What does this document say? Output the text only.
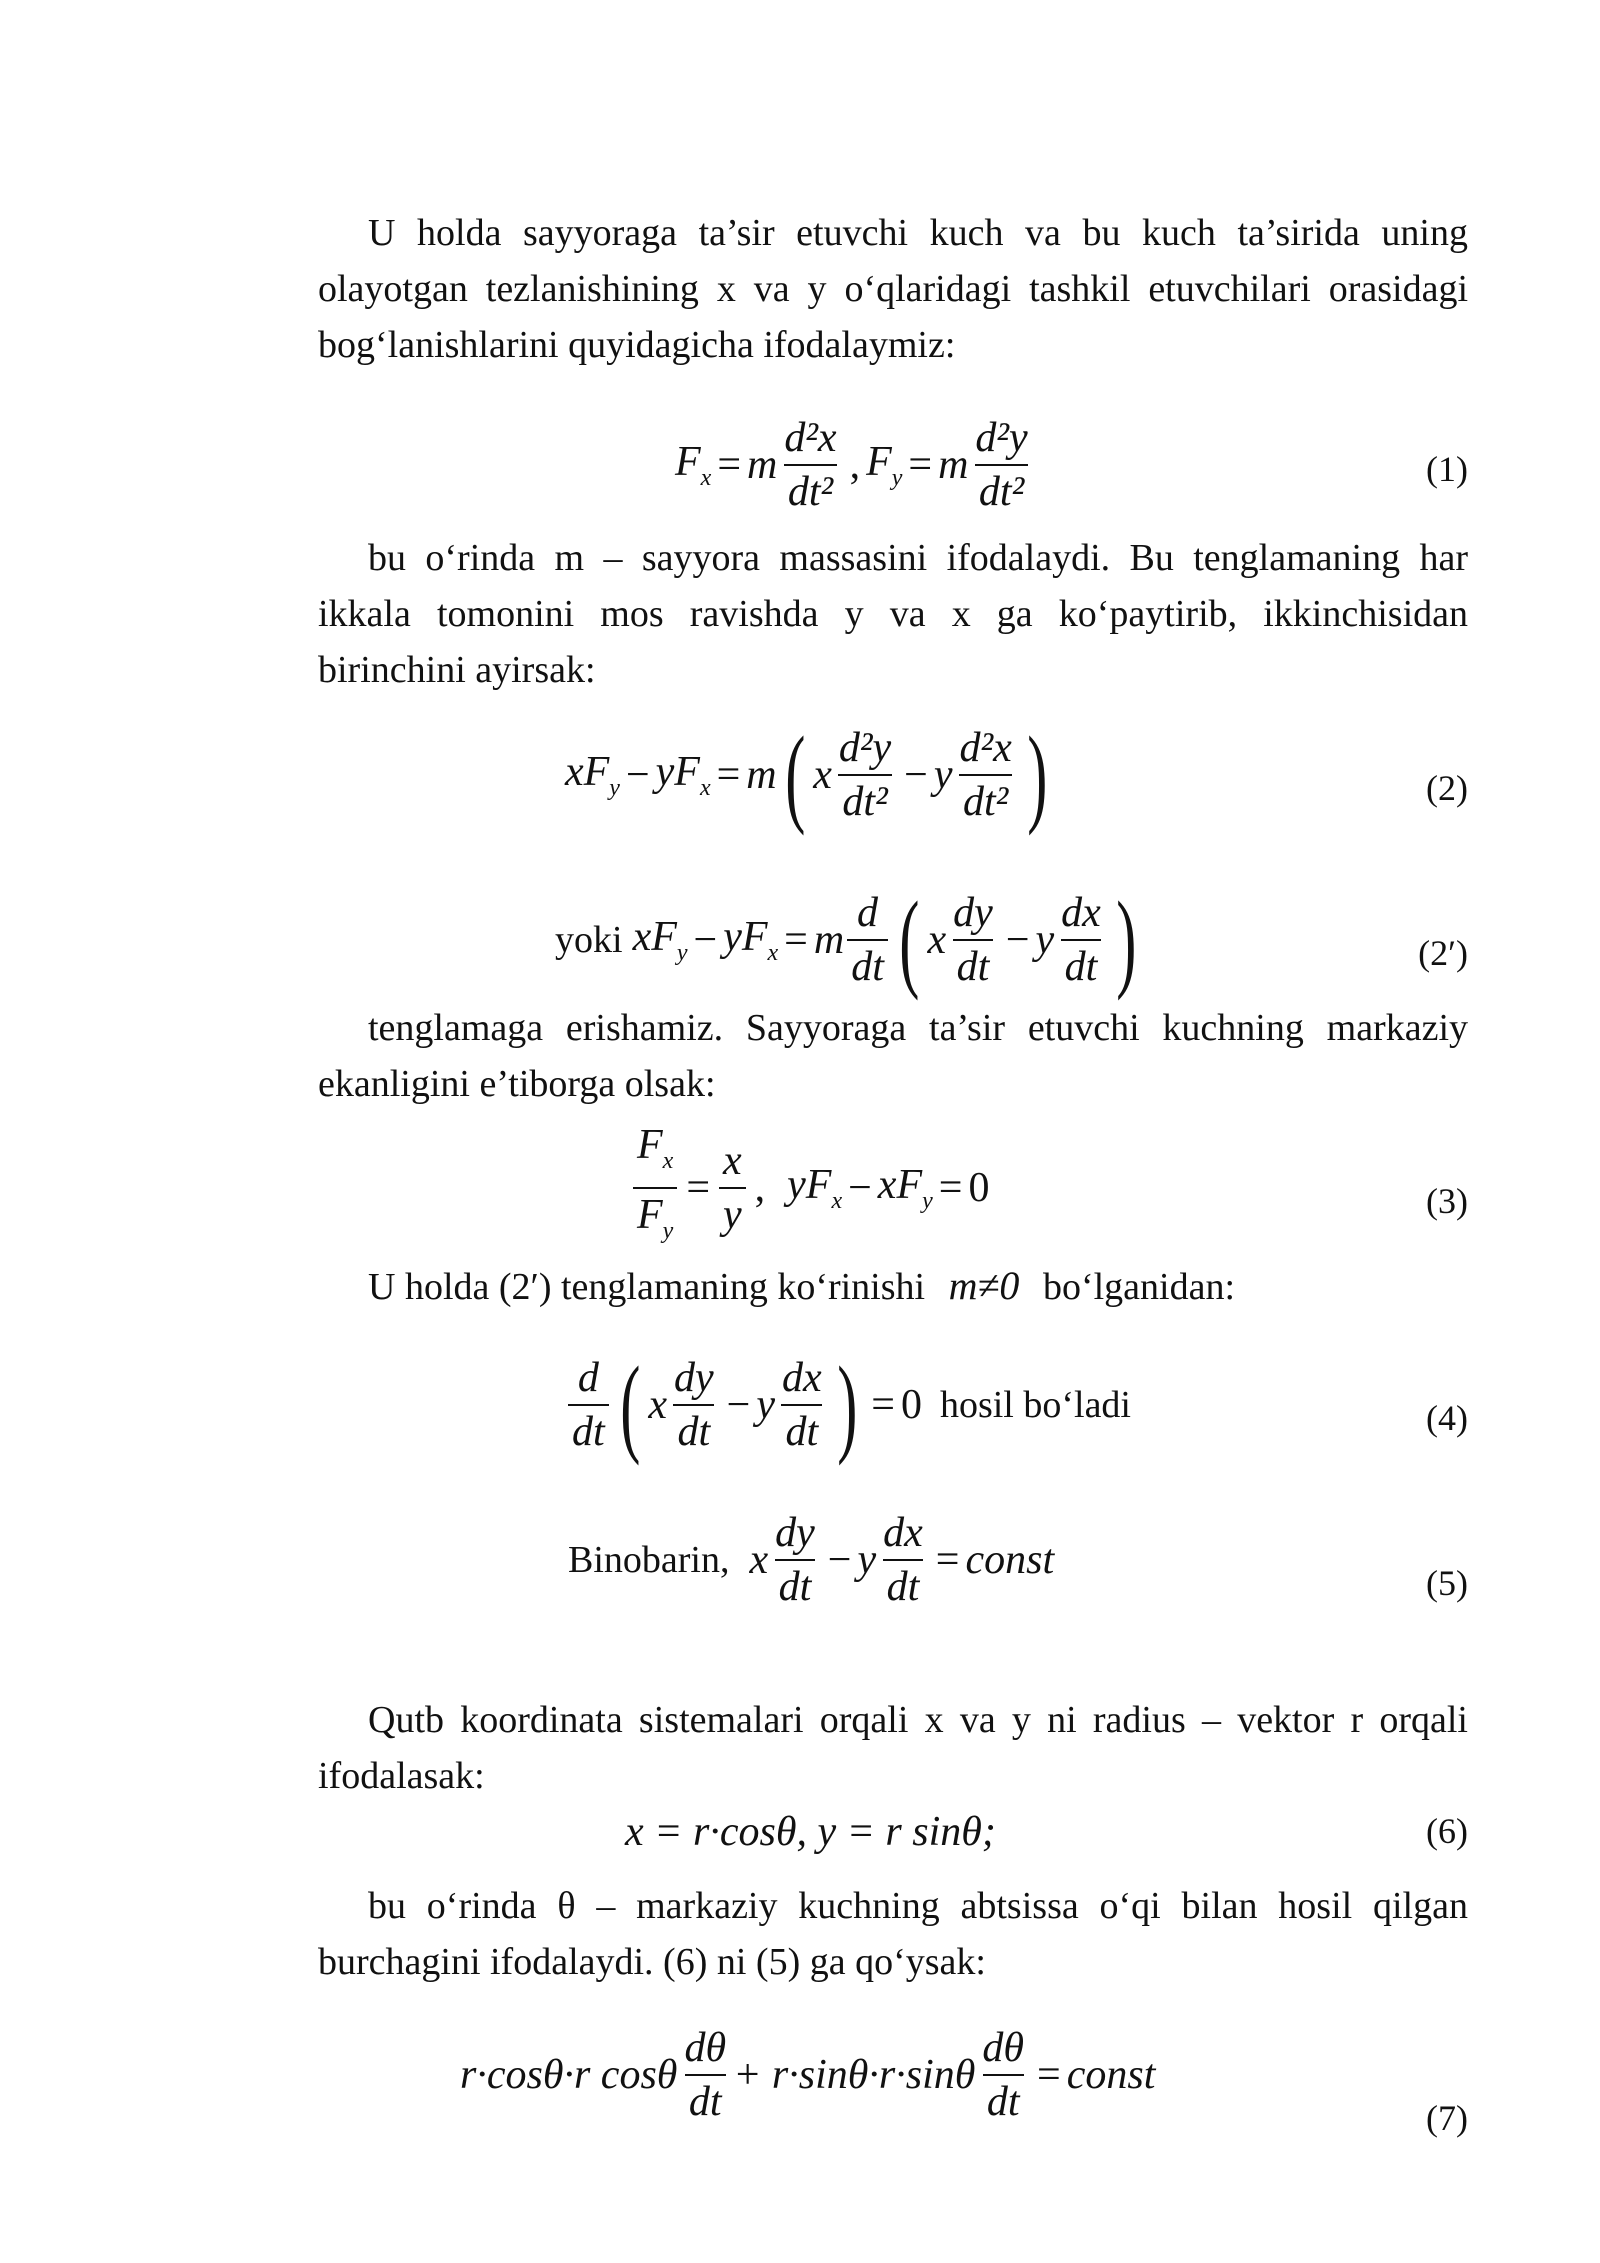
U holda sayyoraga ta’sir etuvchi kuch va bu kuch ta’sirida uning olayotgan tezlanishining x va y o‘qlaridagi tashkil etuvchilari orasidagi bog‘lanishlarini quyidagicha ifodalaymiz:
$F_x = m \frac{\text{d²x}}{\text{dt²}}$ , $F_y = m \frac{\text{d²y}}{\text{dt²}}$	(1)
bu o‘rinda m – sayyora massasini ifodalaydi. Bu tenglamaning har ikkala tomonini mos ravishda y va x ga ko‘paytirib, ikkinchisidan birinchini ayirsak:
$xF_y - yF_x = m$ ( x $\frac{\text{d²y}}{\text{dt²}} - y \frac{\text{d²x}}{\text{dt²}}$ )	(2)
yoki $xF_y - yF_x = m \frac{d}{dt}$ ( x $\frac{dy}{dt} - y \frac{dx}{dt}$ )	(2′)
tenglamaga erishamiz. Sayyoraga ta’sir etuvchi kuchning markaziy ekanligini e’tiborga olsak:
$\frac{F_x}{F_y} = \frac{x}{y}$ , $yF_x - xF_y = 0$	(3)
U holda (2′) tenglamaning ko‘rinishi m≠0 bo‘lganidan:
$\frac{d}{dt}$ ( x $\frac{dy}{dt} - y \frac{dx}{dt}$ ) = 0 hosil bo‘ladi	(4)
Binobarin, x $\frac{dy}{dt} - y \frac{dx}{dt}$ = const	(5)
Qutb koordinata sistemalari orqali x va y ni radius – vektor r orqali ifodalasak:
x = r·cosθ, y = r sinθ;	(6)
bu o‘rinda θ – markaziy kuchning abtsissa o‘qi bilan hosil qilgan burchagini ifodalaydi. (6) ni (5) ga qo‘ysak:
r·cosθ·r cosθ $\frac{d\theta}{dt} + r\cdot\sin\theta\cdot r\cdot\sin\theta \frac{d\theta}{dt}$ = const
(7)
